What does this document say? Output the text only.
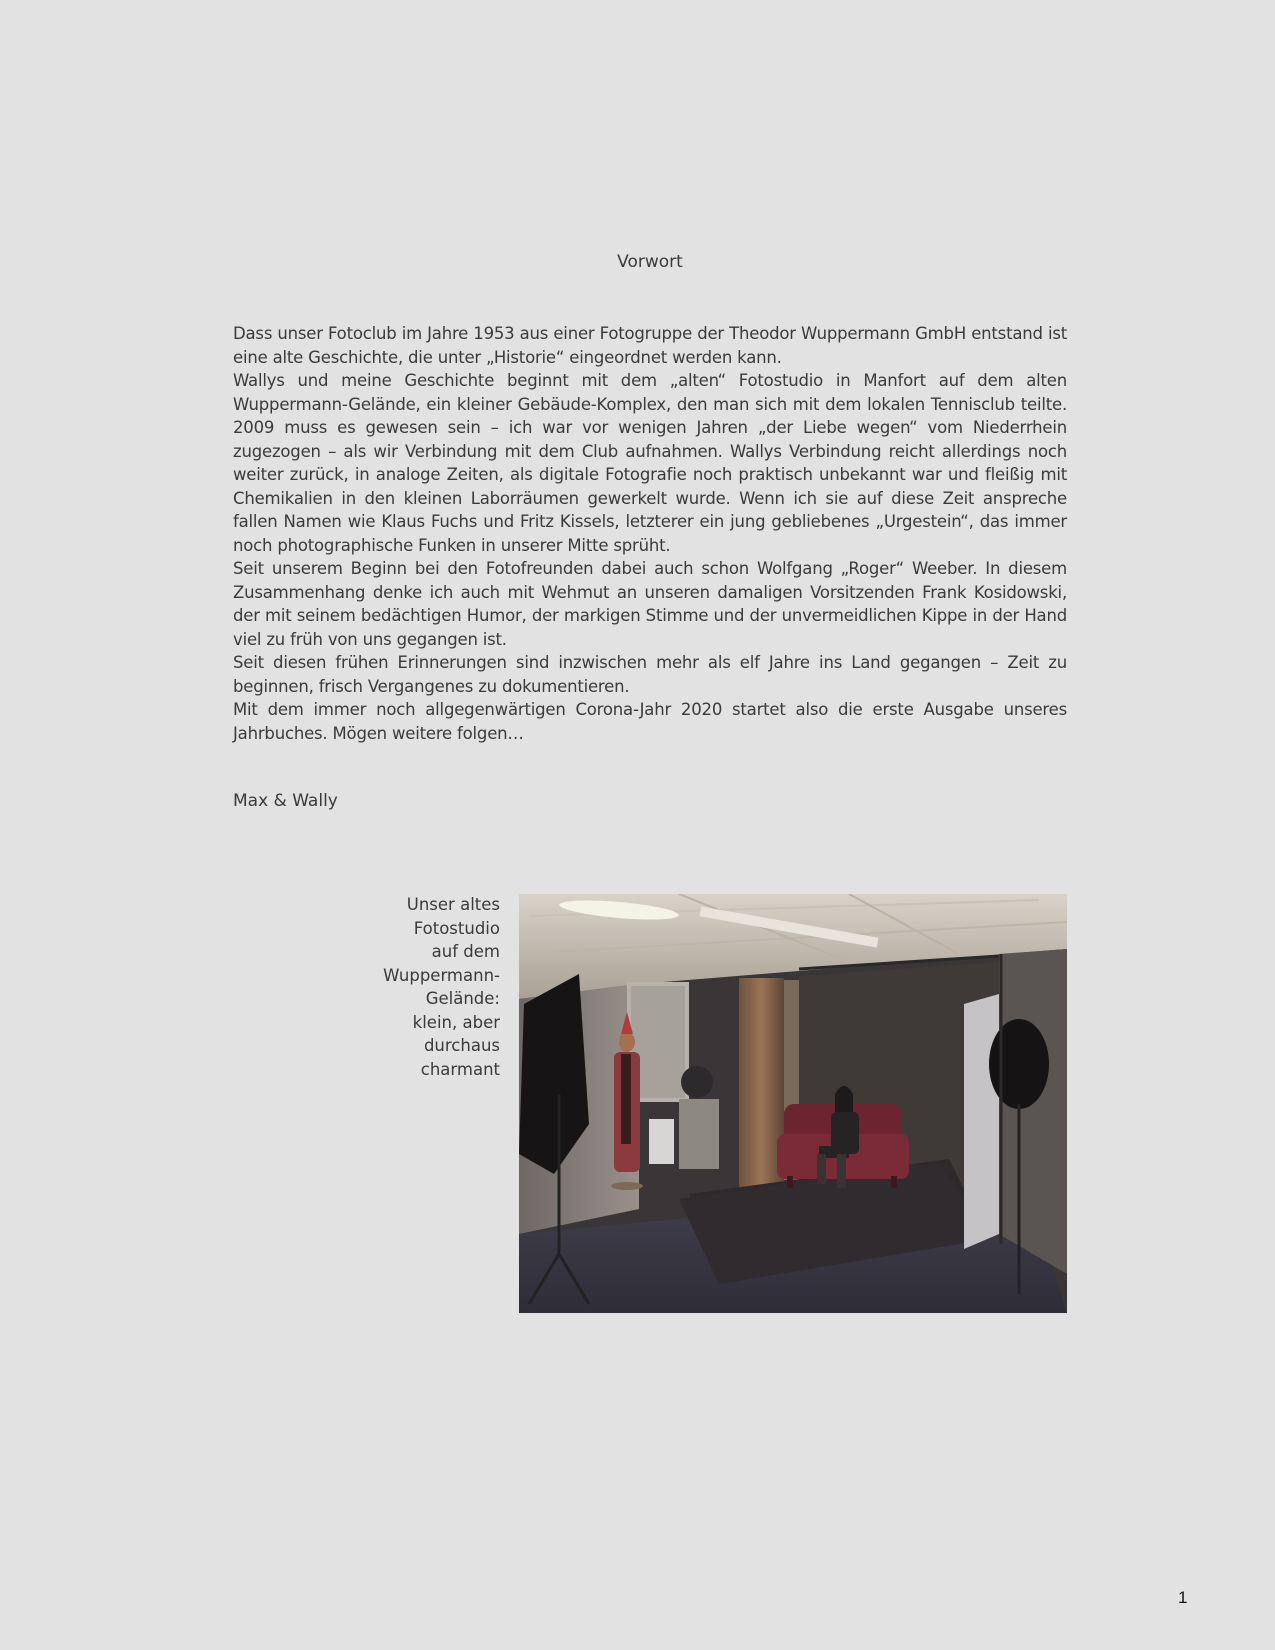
Vorwort

Dass unser Fotoclub im Jahre 1953 aus einer Fotogruppe der Theodor Wuppermann GmbH entstand ist eine alte Geschichte, die unter „Historie“ eingeordnet werden kann.

Wallys und meine Geschichte beginnt mit dem „alten“ Fotostudio in Manfort auf dem alten Wuppermann-Gelände, ein kleiner Gebäude-Komplex, den man sich mit dem lokalen Tennisclub teilte. 2009 muss es gewesen sein – ich war vor wenigen Jahren „der Liebe wegen“ vom Niederrhein zugezogen – als wir Verbindung mit dem Club aufnahmen. Wallys Verbindung reicht allerdings noch weiter zurück, in analoge Zeiten, als digitale Fotografie noch praktisch unbekannt war und fleißig mit Chemikalien in den kleinen Laborräumen gewerkelt wurde. Wenn ich sie auf diese Zeit anspreche fallen Namen wie Klaus Fuchs und Fritz Kissels, letzterer ein jung gebliebenes „Urgestein“, das immer noch photographische Funken in unserer Mitte sprüht.

Seit unserem Beginn bei den Fotofreunden dabei auch schon Wolfgang „Roger“ Weeber. In diesem Zusammenhang denke ich auch mit Wehmut an unseren damaligen Vorsitzenden Frank Kosidowski, der mit seinem bedächtigen Humor, der markigen Stimme und der unvermeidlichen Kippe in der Hand viel zu früh von uns gegangen ist.

Seit diesen frühen Erinnerungen sind inzwischen mehr als elf Jahre ins Land gegangen – Zeit zu beginnen, frisch Vergangenes zu dokumentieren.

Mit dem immer noch allgegenwärtigen Corona-Jahr 2020 startet also die erste Ausgabe unseres Jahrbuches. Mögen weitere folgen…

Max & Wally
Unser altes
Fotostudio
auf dem
Wuppermann-
Gelände:
klein, aber
durchaus
charmant
1
